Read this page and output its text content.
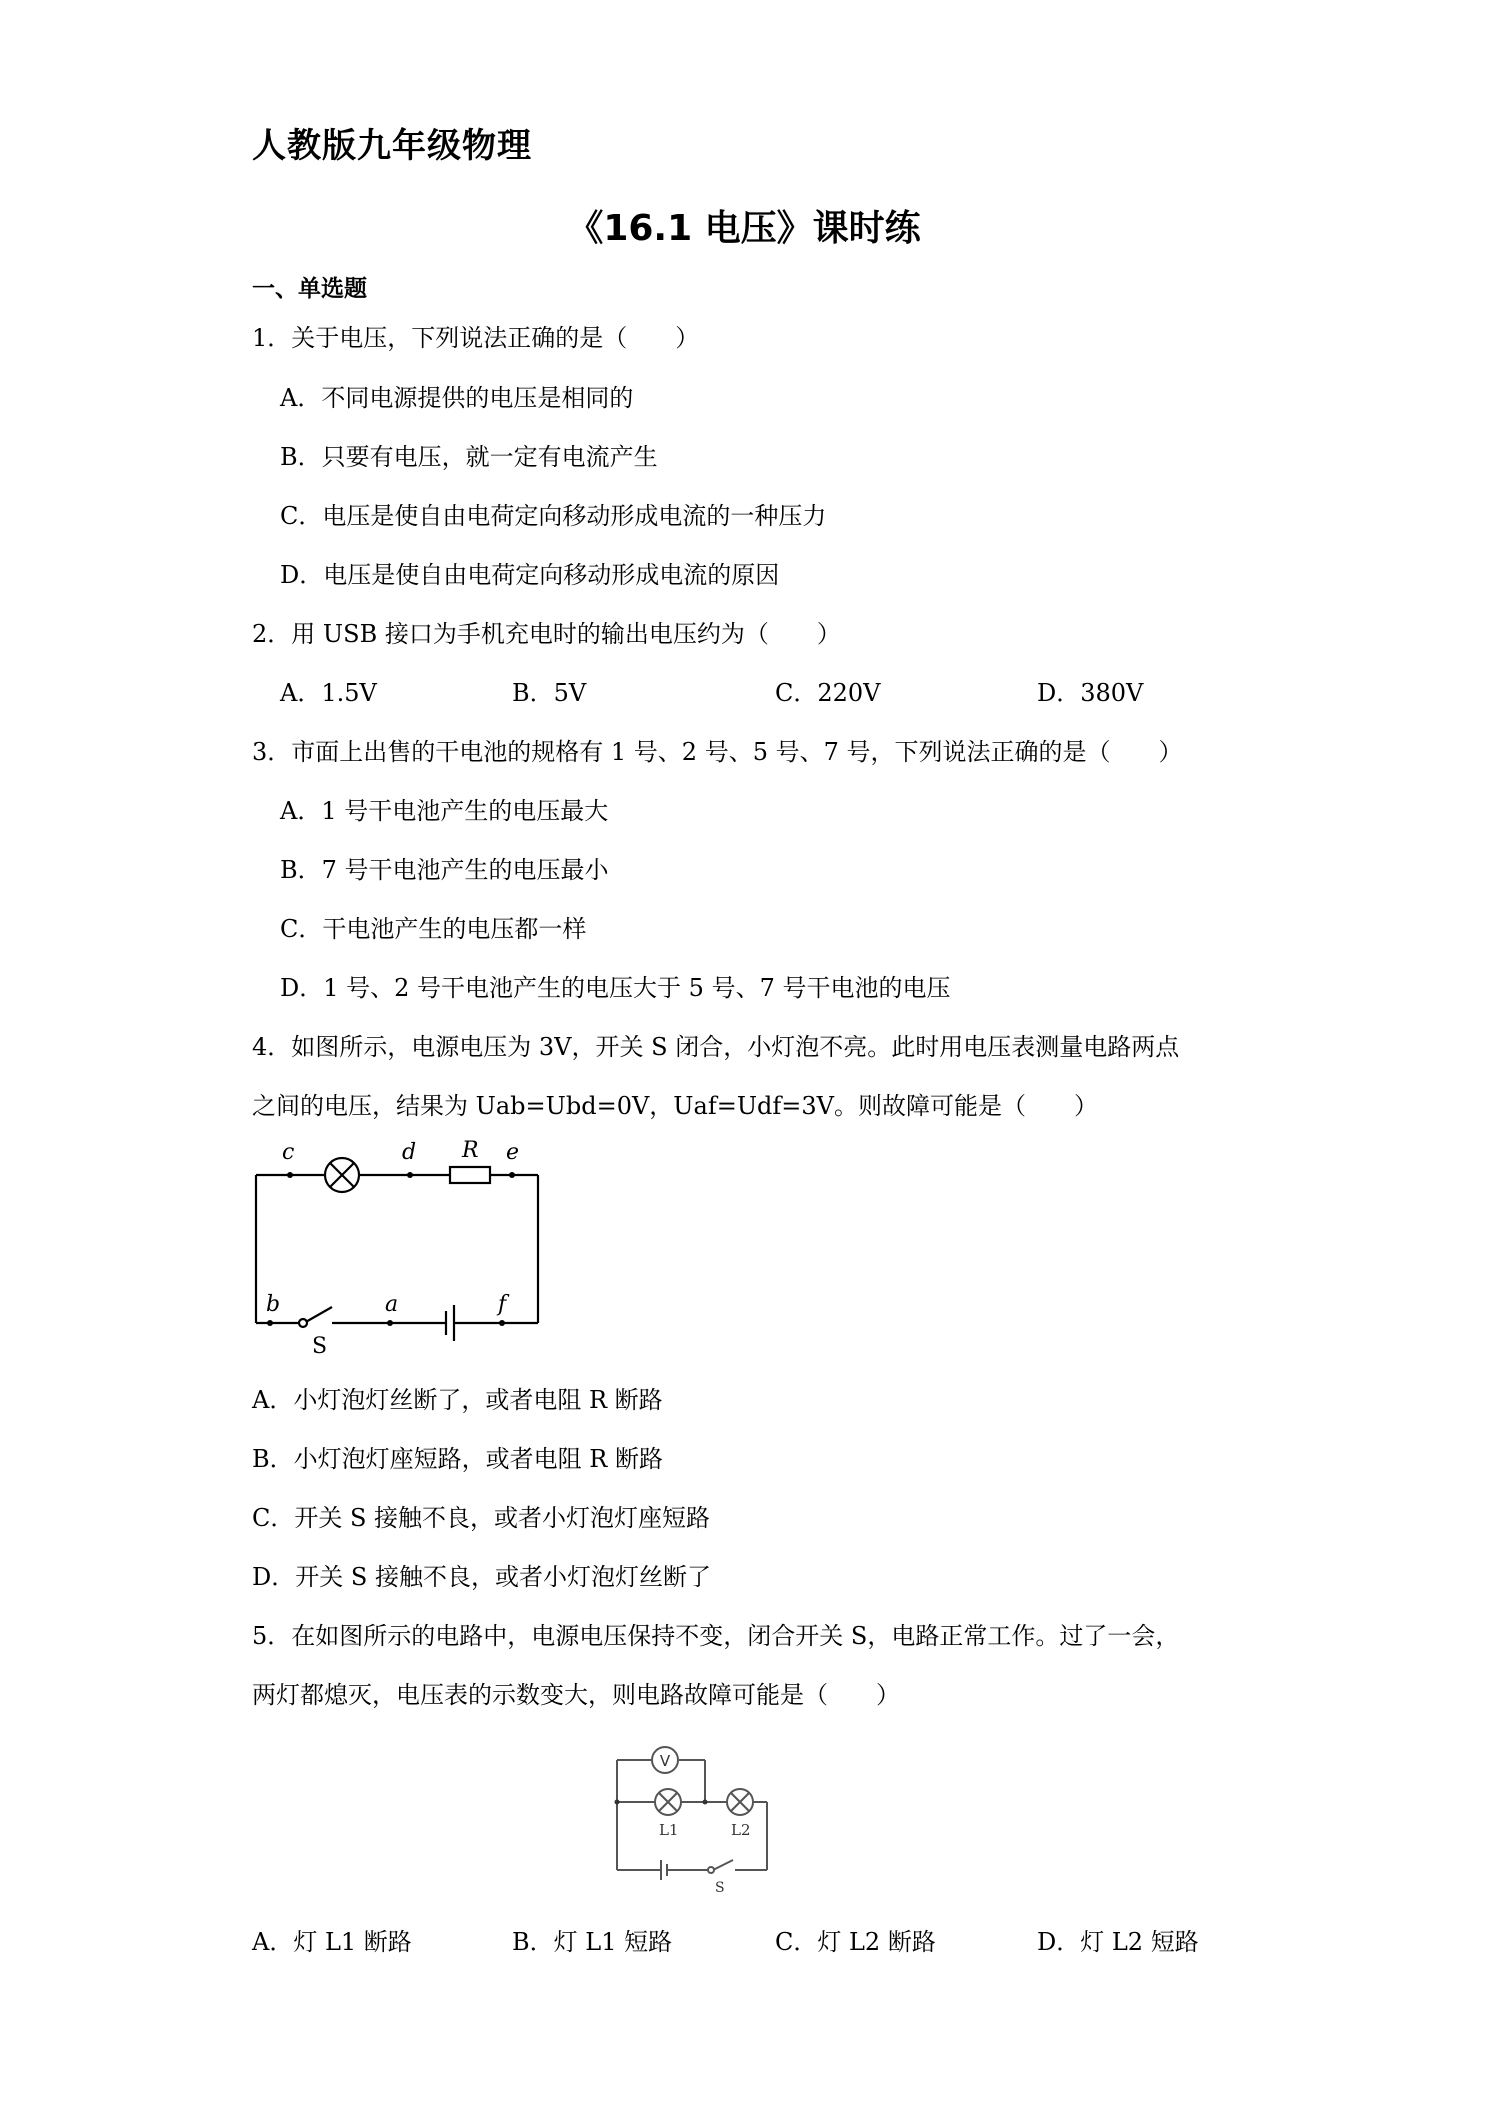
人教版九年级物理
《16.1 电压》课时练
一、单选题
1．关于电压，下列说法正确的是（　　）
A．不同电源提供的电压是相同的
B．只要有电压，就一定有电流产生
C．电压是使自由电荷定向移动形成电流的一种压力
D．电压是使自由电荷定向移动形成电流的原因
2．用 USB 接口为手机充电时的输出电压约为（　　）
A．1.5V	B．5V	C．220V	D．380V
3．市面上出售的干电池的规格有 1 号、2 号、5 号、7 号，下列说法正确的是（　　）
A．1 号干电池产生的电压最大
B．7 号干电池产生的电压最小
C．干电池产生的电压都一样
D．1 号、2 号干电池产生的电压大于 5 号、7 号干电池的电压
4．如图所示，电源电压为 3V，开关 S 闭合，小灯泡不亮。此时用电压表测量电路两点
之间的电压，结果为 Uab=Ubd=0V，Uaf=Udf=3V。则故障可能是（　　）
c	d R e
b	a	f
S
A．小灯泡灯丝断了，或者电阻 R 断路
B．小灯泡灯座短路，或者电阻 R 断路
C．开关 S 接触不良，或者小灯泡灯座短路
D．开关 S 接触不良，或者小灯泡灯丝断了
5．在如图所示的电路中，电源电压保持不变，闭合开关 S，电路正常工作。过了一会，
两灯都熄灭，电压表的示数变大，则电路故障可能是（　　）
V
L1	L2
S
A．灯 L1 断路	B．灯 L1 短路	C．灯 L2 断路	D．灯 L2 短路
